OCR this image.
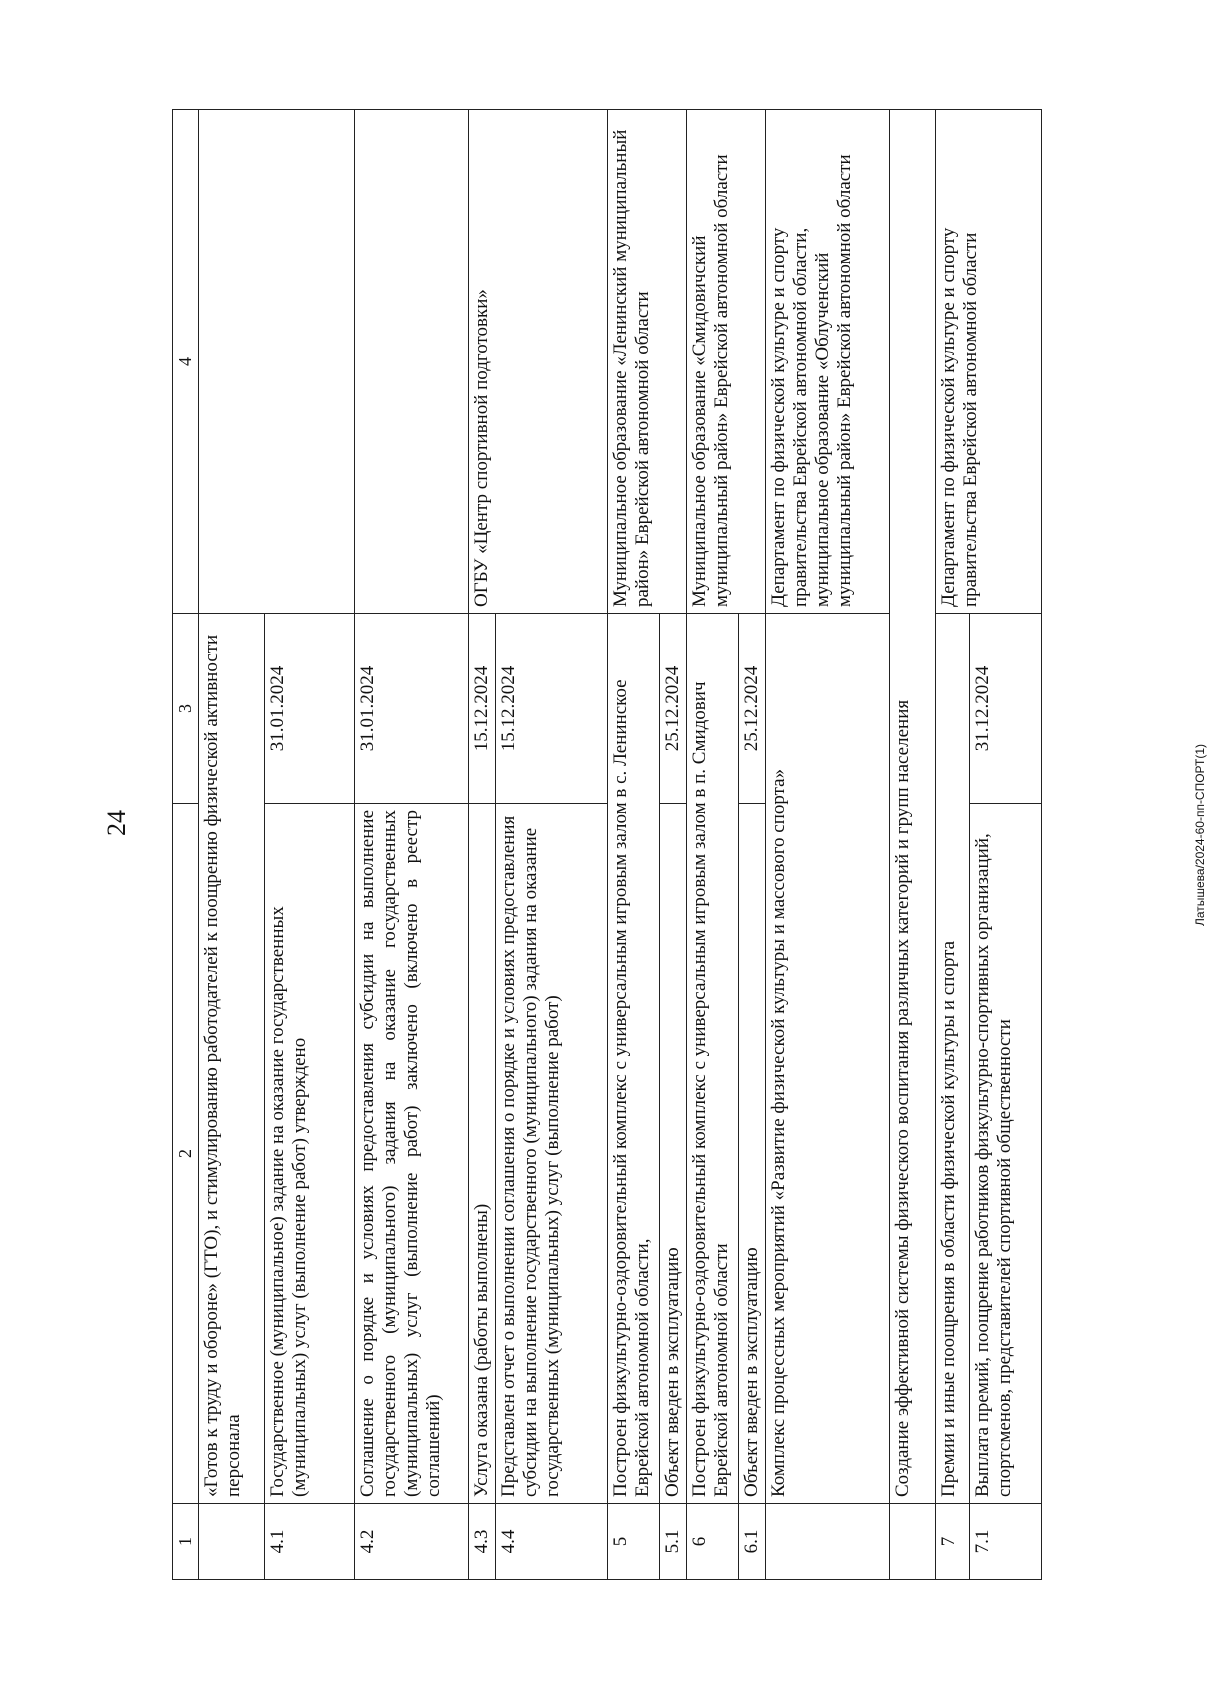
24	Латышева/2024-60-пп-СПОРТ(1)
1	2	3	4
	«Готов к труду и обороне» (ГТО), и стимулированию работодателей к поощрению физической активности персонала		
4.1	Государственное (муниципальное) задание на оказание государственных (муниципальных) услуг (выполнение работ) утверждено	31.01.2024	
4.2	Соглашение о порядке и условиях предоставления субсидии на выполнение государственного (муниципального) задания на оказание государственных (муниципальных) услуг (выполнение работ) заключено (включено в реестр соглашений)	31.01.2024	
4.3	Услуга оказана (работы выполнены)	15.12.2024	ОГБУ «Центр спортивной подготовки»
4.4	Представлен отчет о выполнении соглашения о порядке и условиях предоставления субсидии на выполнение государственного (муниципального) задания на оказание государственных (муниципальных) услуг (выполнение работ)	15.12.2024	
5	Построен физкультурно-оздоровительный комплекс с универсальным игровым залом в с. Ленинское Еврейской автономной области,		Муниципальное образование «Ленинский муниципальный район» Еврейской автономной области
5.1	Объект введен в эксплуатацию	25.12.2024	
6	Построен физкультурно-оздоровительный комплекс с универсальным игровым залом в п. Смидович Еврейской автономной области		Муниципальное образование «Смидовичский муниципальный район» Еврейской автономной области
6.1	Объект введен в эксплуатацию	25.12.2024	
	Комплекс процессных мероприятий «Развитие физической культуры и массового спорта»		Департамент по физической культуре и спорту правительства Еврейской автономной области, муниципальное образование «Облученский муниципальный район» Еврейской автономной области
	Создание эффективной системы физического воспитания различных категорий и групп населения		
7	Премии и иные поощрения в области физической культуры и спорта		Департамент по физической культуре и спорту правительства Еврейской автономной области
7.1	Выплата премий, поощрение работников физкультурно-спортивных организаций, спортсменов, представителей спортивной общественности	31.12.2024	
